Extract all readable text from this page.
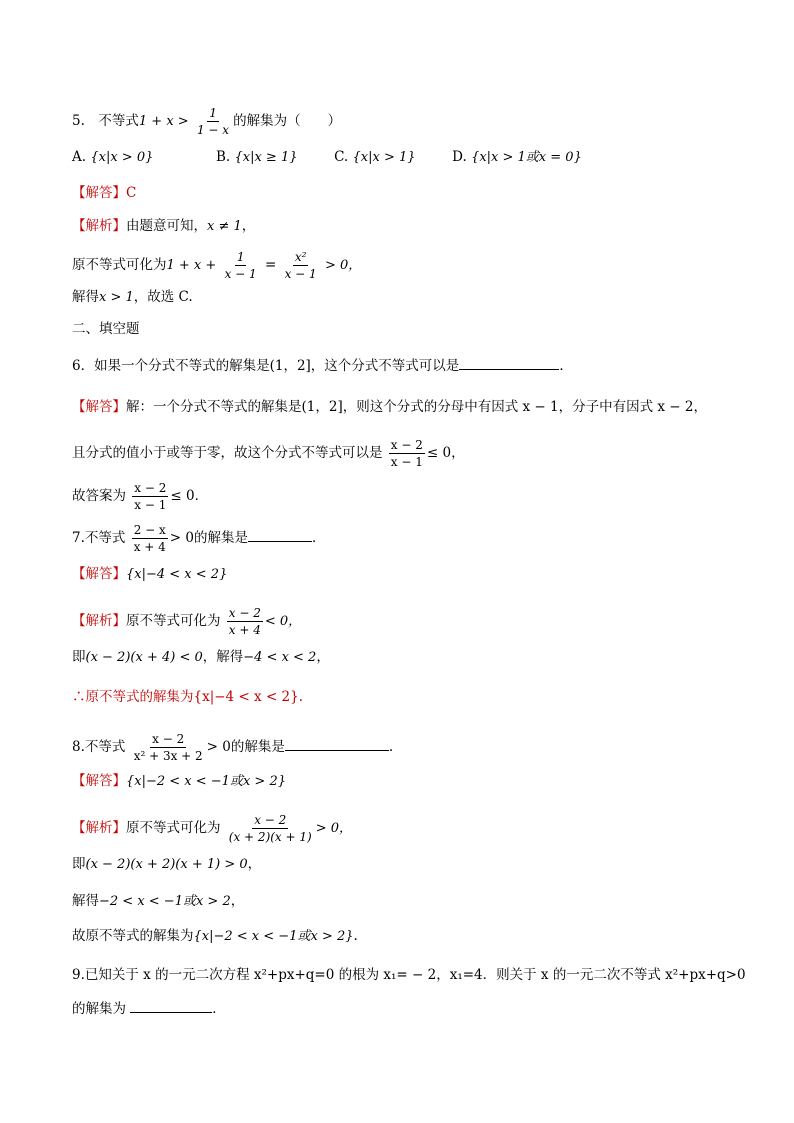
5.　不等式$1 + x > \frac{1}{1 - x}$ 的解集为（　　）
A. {x|x > 0}	B. {x|x ≥ 1}	C. {x|x > 1}	D. {x|x > 1或x = 0}
【解答】C
【解析】由题意可知，x ≠ 1，
原不等式可化为$1 + x + \frac{1}{x - 1} = \frac{\text{x²}}{x - 1} > 0$，
解得x > 1，故选 C.
二、填空题
6．如果一个分式不等式的解集是(1，2]，这个分式不等式可以是	．
【解答】解：一个分式不等式的解集是(1，2]，则这个分式的分母中有因式 x − 1，分子中有因式 x − 2，
且分式的值小于或等于零，故这个分式不等式可以是 $\frac{x - 2}{x - 1} \le 0$，
故答案为 $\frac{x - 2}{x - 1} \le 0$．
7.不等式 $\frac{2 - x}{x + 4} > 0$的解集是	．
【解答】{x|−4 < x < 2}
【解析】原不等式可化为 $\frac{x - 2}{x + 4} < 0$，
即(x − 2)(x + 4) < 0，解得−4 < x < 2，
∴原不等式的解集为{x|−4 < x < 2}.
8.不等式 $\frac{x - 2}{\text{x² + 3x + 2}} > 0$的解集是	.
【解答】{x|−2 < x < −1或x > 2}
【解析】原不等式可化为 $\frac{x - 2}{(x + 2)(x + 1)} > 0$，
即(x − 2)(x + 2)(x + 1) > 0，
解得−2 < x < −1或x > 2，
故原不等式的解集为{x|−2 < x < −1或x > 2}.
9.已知关于 x 的一元二次方程 x²+px+q=0 的根为 x₁= − 2，x₁=4．则关于 x 的一元二次不等式 x²+px+q>0
的解集为	．
